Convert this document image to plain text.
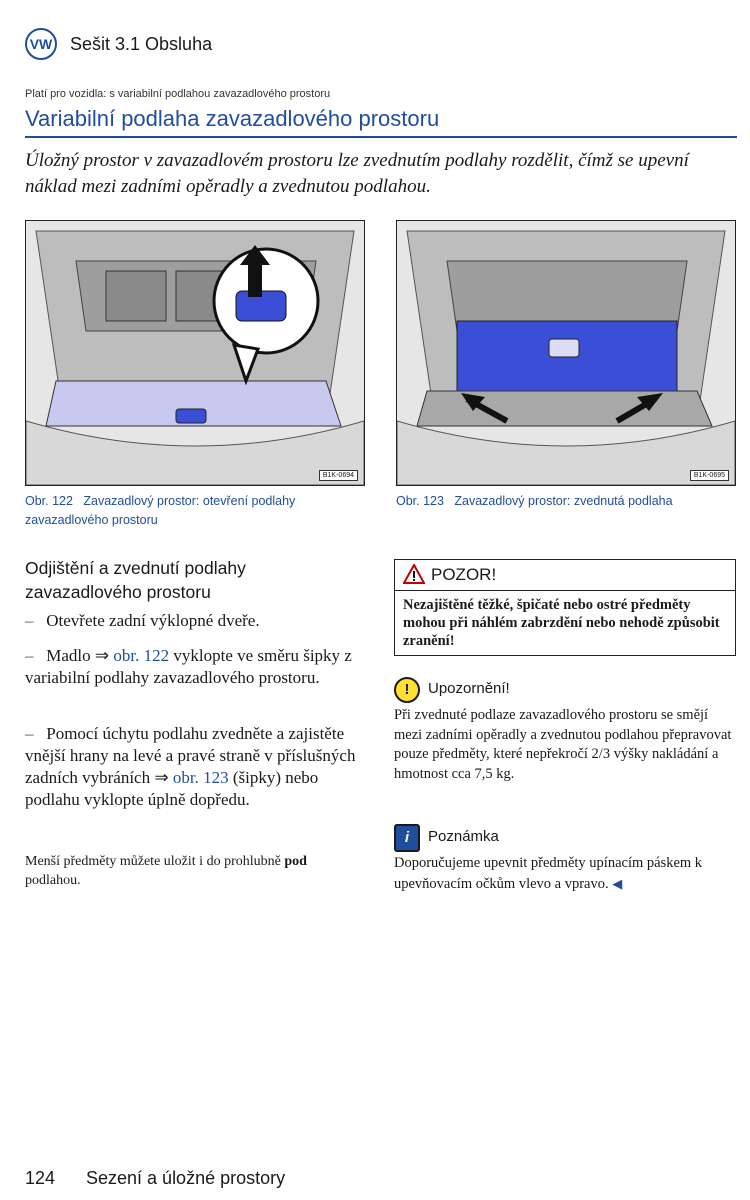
VW Sešit 3.1 Obsluha
Platí pro vozidla: s variabilní podlahou zavazadlového prostoru
Variabilní podlaha zavazadlového prostoru
Úložný prostor v zavazadlovém prostoru lze zvednutím podlahy rozdělit, čímž se upevní náklad mezi zadními opěradly a zvednutou podlahou.
B1K-0694	B1K-0695
Obr. 122 Zavazadlový prostor: otevření podlahy zavazadlového prostoru
Obr. 123 Zavazadlový prostor: zvednutá podlaha
Odjištění a zvednutí podlahy zavazadlového prostoru
– Otevřete zadní výklopné dveře.
– Madlo ⇒ obr. 122 vyklopte ve směru šipky z variabilní podlahy zavazadlového prostoru.
– Pomocí úchytu podlahu zvedněte a zajistěte vnější hrany na levé a pravé straně v příslušných zadních vybráních ⇒ obr. 123 (šipky) nebo podlahu vyklopte úplně dopředu.
Menší předměty můžete uložit i do prohlubně pod podlahou.
POZOR!
Nezajištěné těžké, špičaté nebo ostré předměty mohou při náhlém zabrzdění nebo nehodě způsobit zranění!
!	Upozornění!
Při zvednuté podlaze zavazadlového prostoru se smějí mezi zadními opěradly a zvednutou podlahou přepravovat pouze předměty, které nepřekročí 2/3 výšky nakládání a hmotnost cca 7,5 kg.
i	Poznámka
Doporučujeme upevnit předměty upínacím páskem k upevňovacím očkům vlevo a vpravo. ◀
124 Sezení a úložné prostory
